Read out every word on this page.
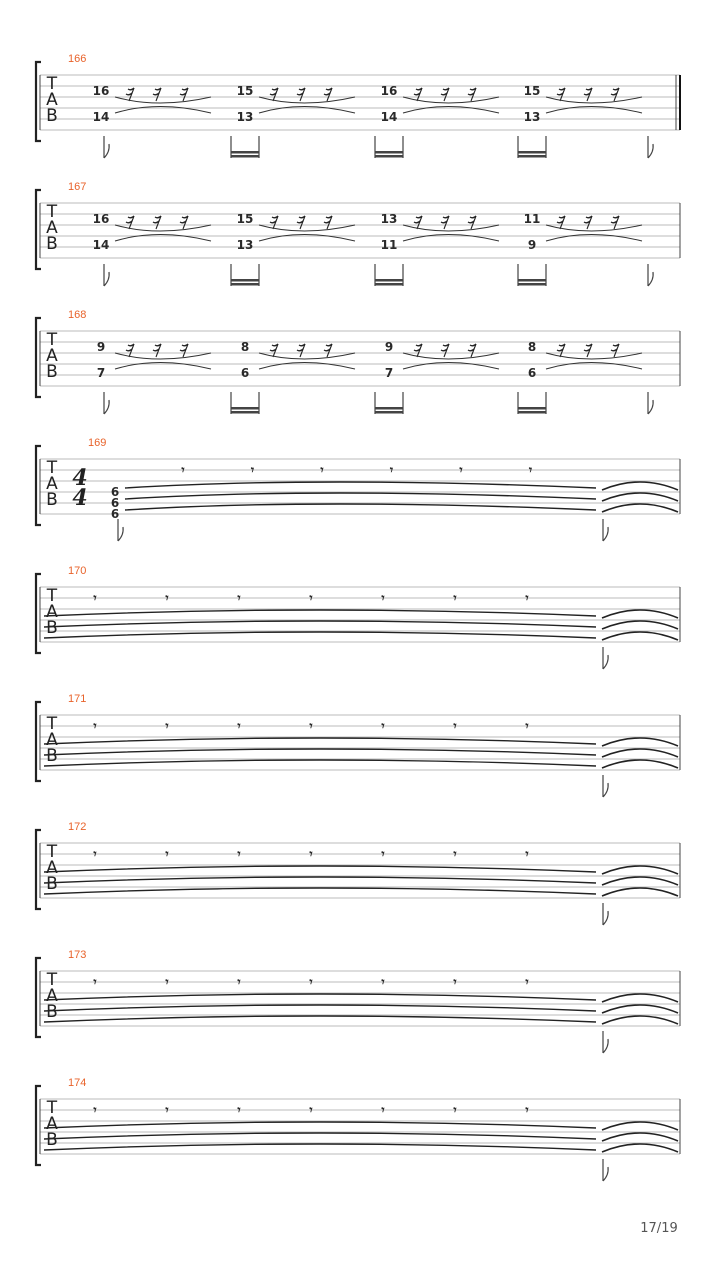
T
A
B
166
16
14
15
13
16
14
15
13
T
A
B
167
16
14
15
13
13
11
11
9
T
A
B
168
9
7
8
6
9
7
8
6
T
A
B
169
4
4 6
6
6
𝄾	𝄾	𝄾	𝄾	𝄾	𝄾
T
A
B
170
𝄾	𝄾	𝄾	𝄾	𝄾	𝄾	𝄾
T
A
B
171
𝄾	𝄾	𝄾	𝄾	𝄾	𝄾	𝄾
T
A
B
172
𝄾	𝄾	𝄾	𝄾	𝄾	𝄾	𝄾
T
A
B
173
𝄾	𝄾	𝄾	𝄾	𝄾	𝄾	𝄾
T
A
B
174
𝄾	𝄾	𝄾	𝄾	𝄾	𝄾	𝄾
17/19
